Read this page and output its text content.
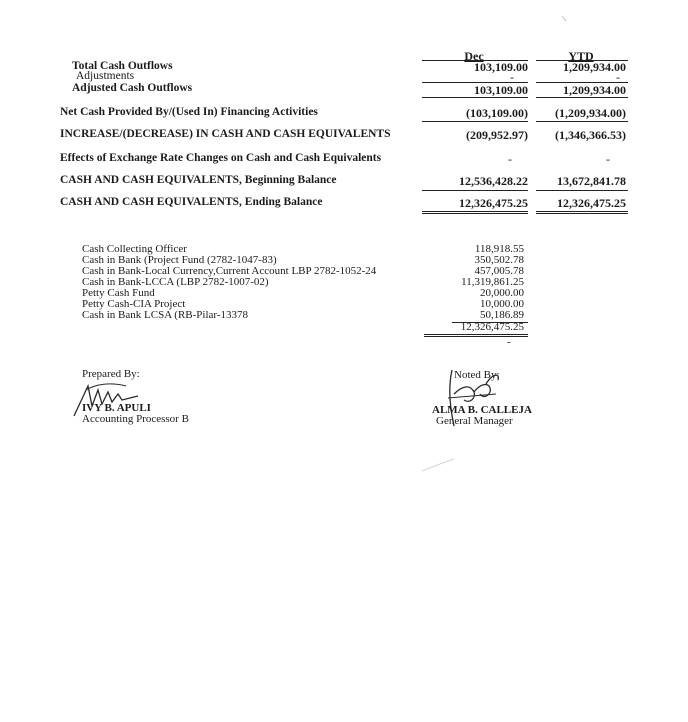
Dec	YTD
Total Cash Outflows	103,109.00	1,209,934.00
Adjustments	-	-
Adjusted Cash Outflows	103,109.00	1,209,934.00
Net Cash Provided By/(Used In) Financing Activities	(103,109.00)	(1,209,934.00)
INCREASE/(DECREASE) IN CASH AND CASH EQUIVALENTS	(209,952.97)	(1,346,366.53)
Effects of Exchange Rate Changes on Cash and Cash Equivalents	-	-
CASH AND CASH EQUIVALENTS, Beginning Balance	12,536,428.22	13,672,841.78
CASH AND CASH EQUIVALENTS, Ending Balance	12,326,475.25	12,326,475.25
Cash Collecting Officer	118,918.55
Cash in Bank (Project Fund (2782-1047-83)	350,502.78
Cash in Bank-Local Currency,Current Account LBP 2782-1052-24	457,005.78
Cash in Bank-LCCA (LBP 2782-1007-02)	11,319,861.25
Petty Cash Fund	20,000.00
Petty Cash-CIA Project	10,000.00
Cash in Bank LCSA (RB-Pilar-13378	50,186.89
12,326,475.25
-
Prepared By:
IVY B. APULI
Accounting Processor B
Noted By:
ALMA B. CALLEJA
General Manager
